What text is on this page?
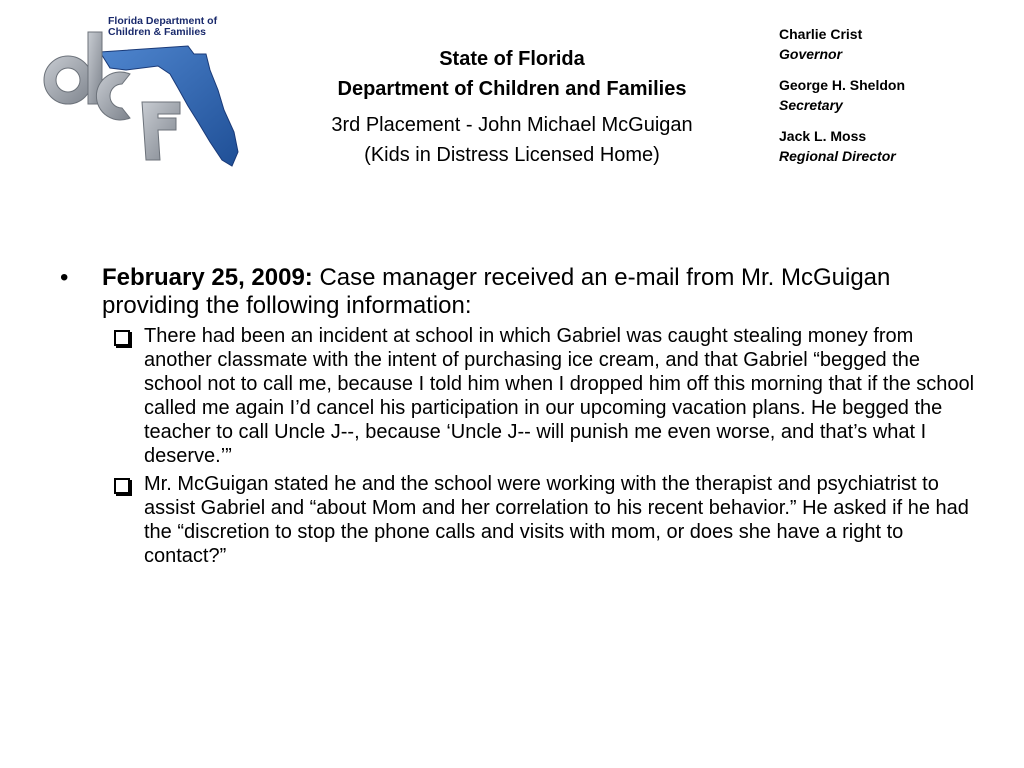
Florida Department of
Children & Families
State of Florida
Department of Children and Families
3rd Placement - John Michael McGuigan
(Kids in Distress Licensed Home)
Charlie Crist
Governor
George H. Sheldon
Secretary
Jack L. Moss
Regional Director
•	February 25, 2009: Case manager received an e-mail from Mr. McGuigan providing the following information:
There had been an incident at school in which Gabriel was caught stealing money from another classmate with the intent of purchasing ice cream, and that Gabriel “begged the school not to call me, because I told him when I dropped him off this morning that if the school called me again I’d cancel his participation in our upcoming vacation plans. He begged the teacher to call Uncle J--, because ‘Uncle J-- will punish me even worse, and that’s what I deserve.’”
Mr. McGuigan stated he and the school were working with the therapist and psychiatrist to assist Gabriel and “about Mom and her correlation to his recent behavior.” He asked if he had the “discretion to stop the phone calls and visits with mom, or does she have a right to contact?”
